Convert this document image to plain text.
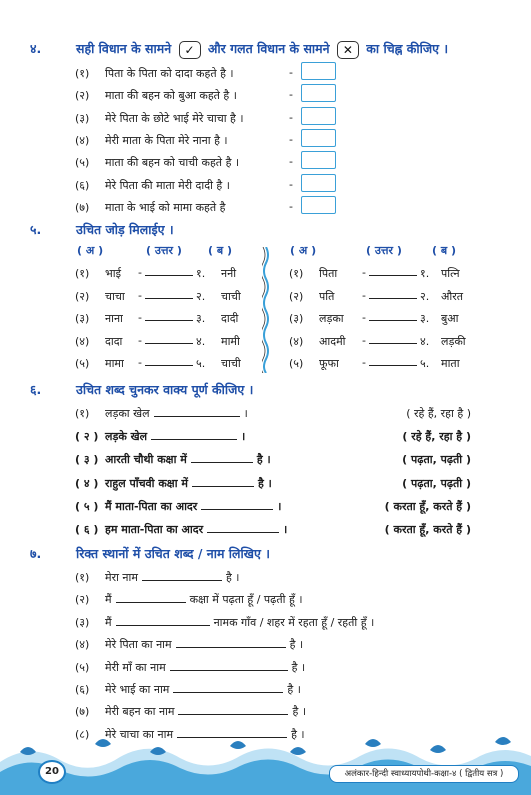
४.	सही विधान के सामने ✓ और गलत विधान के सामने ✕ का चिह्न कीजिए ।
(१) पिता के पिता को दादा कहते है ।	-
(२) माता की बहन को बुआ कहते है ।	-
(३) मेरे पिता के छोटे भाई मेरे चाचा है ।	-
(४) मेरी माता के पिता मेरे नाना है ।	-
(५) माता की बहन को चाची कहते है ।	-
(६) मेरे पिता की माता मेरी दादी है ।	-
(७) माता के भाई को मामा कहते है	-
५.	उचित जोड़ मिलाईए ।
( अ )	( उत्तर ) ( ब )	( अ )	( उत्तर )	( ब )
(१) भाई -	१. ननी
(२) चाचा -	२. चाची
(३) नाना -	३. दादी
(४) दादा -	४. मामी
(५) मामा -	५. चाची
(१) पिता -	१. पत्नि
(२) पति	-	२. औरत
(३) लड़का -	३. बुआ
(४) आदमी -	४. लड़की
(५) फूफा -	५. माता
६.	उचित शब्द चुनकर वाक्य पूर्ण कीजिए ।
(१) लड़का खेल	।	( रहे हैं, रहा है )
( २ ) लड़के खेल	।	( रहे हैं, रहा है )
( ३ ) आरती चौथी कक्षा में	है ।	( पढ़ता, पढ़ती )
( ४ ) राहुल पाँचवी कक्षा में	है ।	( पढ़ता, पढ़ती )
( ५ ) मैं माता-पिता का आदर	।	( करता हूँ, करते हैं )
( ६ ) हम माता-पिता का आदर	।	( करता हूँ, करते हैं )
७.	रिक्त स्थानों में उचित शब्द / नाम लिखिए ।
(१) मेरा नाम	है ।
(२) मैं	कक्षा में पढ़ता हूँ / पढ़ती हूँ ।
(३) मैं	नामक गाँव / शहर में रहता हूँ / रहती हूँ ।
(४) मेरे पिता का नाम	है ।
(५) मेरी माँ का नाम	है ।
(६) मेरे भाई का नाम	है ।
(७) मेरी बहन का नाम	है ।
(८) मेरे चाचा का नाम	है ।
20	अलंकार-हिन्दी स्वाध्यायपोथी-कक्षा-४ ( द्वितीय सत्र )
